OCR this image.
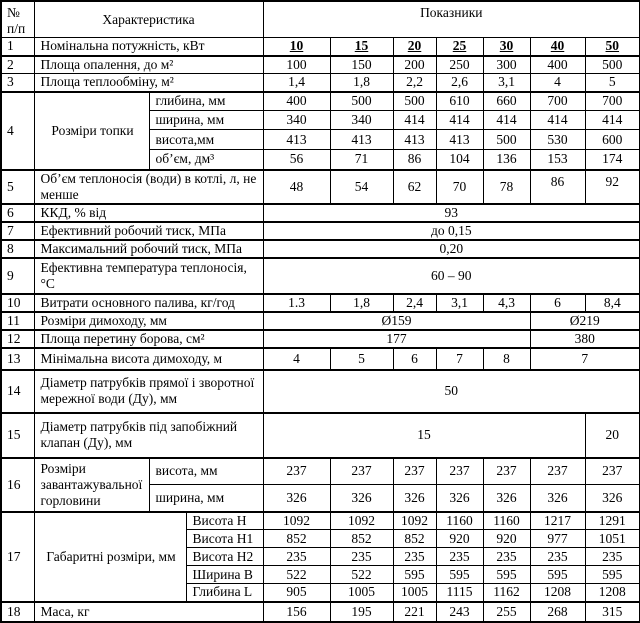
№
п/п	Характеристика			Показники						
1	Номінальна потужність, кВт			10	15	20	25	30	40	50
2	Площа опалення, до м²			100	150	200	250	300	400	500
3	Площа теплообміну, м²			1,4	1,8	2,2	2,6	3,1	4	5
4	Розміри топки	глибина, мм		400	500	500	610	660	700	700
		ширина, мм		340	340	414	414	414	414	414
		висота,мм		413	413	413	413	500	530	600
		об’єм, дм³		56	71	86	104	136	153	174
5	Об’єм теплоносія (води) в котлі, л, не менше			48	54	62	70	78	86	92
6	ККД, % від			93						
7	Ефективний робочий тиск, МПа			до 0,15						
8	Максимальний робочий тиск, МПа			0,20						
9	Ефективна температура теплоносія, °С			60 – 90						
10	Витрати основного палива, кг/год			1.3	1,8	2,4	3,1	4,3	6	8,4
11	Розміри димоходу, мм			Ø159					Ø219	
12	Площа перетину борова, см²			177					380	
13	Мінімальна висота димоходу, м			4	5	6	7	8	7	
14	Діаметр патрубків прямої і зворотної мережної води (Ду), мм			50						
15	Діаметр патрубків під запобіжний клапан (Ду), мм			15						20
16	Розміри завантажувальної горловини	висота, мм		237	237	237	237	237	237	237
		ширина, мм		326	326	326	326	326	326	326
17	Габаритні розміри, мм		Висота H	1092	1092	1092	1160	1160	1217	1291
			Висота H1	852	852	852	920	920	977	1051
			Висота H2	235	235	235	235	235	235	235
			Ширина B	522	522	595	595	595	595	595
			Глибина L	905	1005	1005	1115	1162	1208	1208
18	Маса, кг			156	195	221	243	255	268	315
